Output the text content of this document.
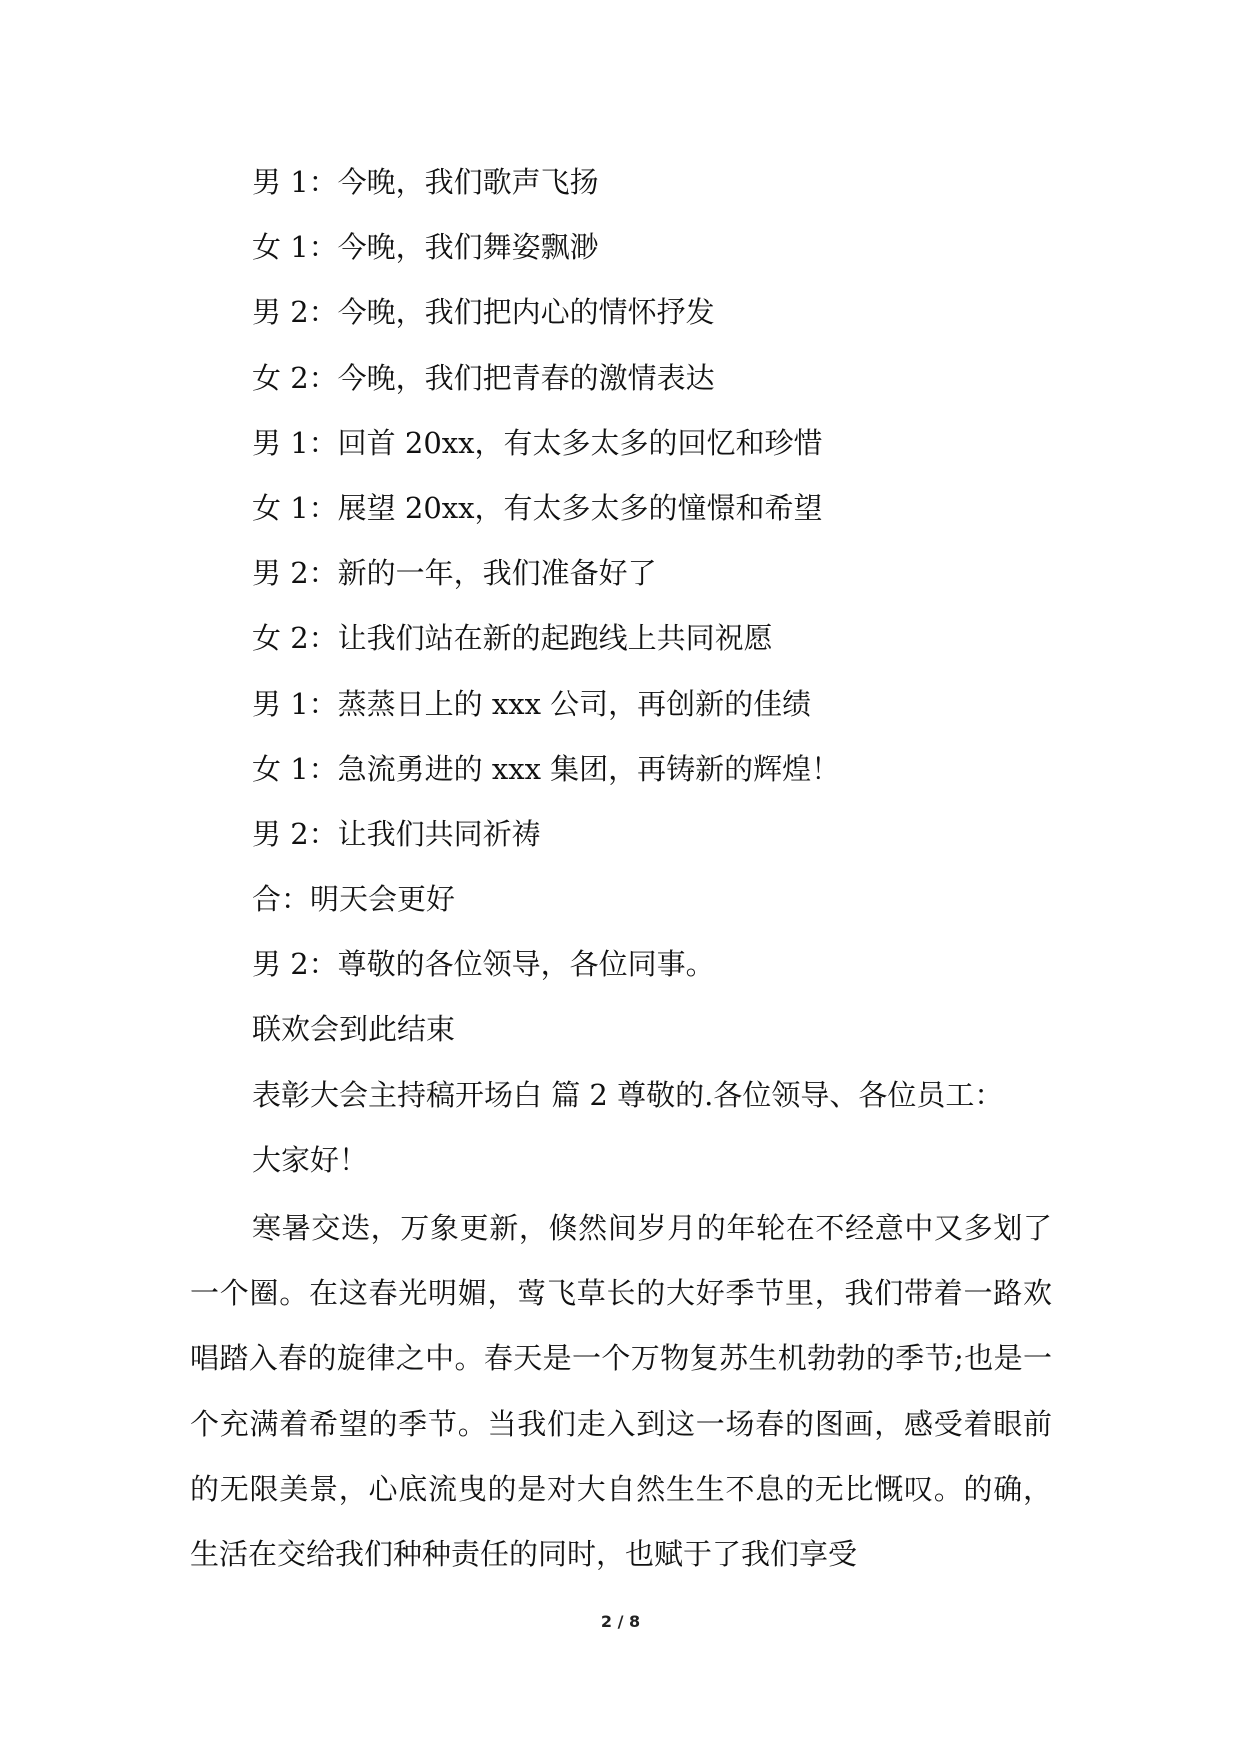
男 1：今晚，我们歌声飞扬
女 1：今晚，我们舞姿飘渺
男 2：今晚，我们把内心的情怀抒发
女 2：今晚，我们把青春的激情表达
男 1：回首 20xx，有太多太多的回忆和珍惜
女 1：展望 20xx，有太多太多的憧憬和希望
男 2：新的一年，我们准备好了
女 2：让我们站在新的起跑线上共同祝愿
男 1：蒸蒸日上的 xxx 公司，再创新的佳绩
女 1：急流勇进的 xxx 集团，再铸新的辉煌！
男 2：让我们共同祈祷
合：明天会更好
男 2：尊敬的各位领导，各位同事。
联欢会到此结束
表彰大会主持稿开场白 篇 2 尊敬的.各位领导、各位员工：
大家好！

寒暑交迭，万象更新，倏然间岁月的年轮在不经意中又多划了一个圈。在这春光明媚，莺飞草长的大好季节里，我们带着一路欢唱踏入春的旋律之中。春天是一个万物复苏生机勃勃的季节;也是一个充满着希望的季节。当我们走入到这一场春的图画，感受着眼前的无限美景，心底流曳的是对大自然生生不息的无比慨叹。的确，生活在交给我们种种责任的同时，也赋于了我们享受

2 / 8
